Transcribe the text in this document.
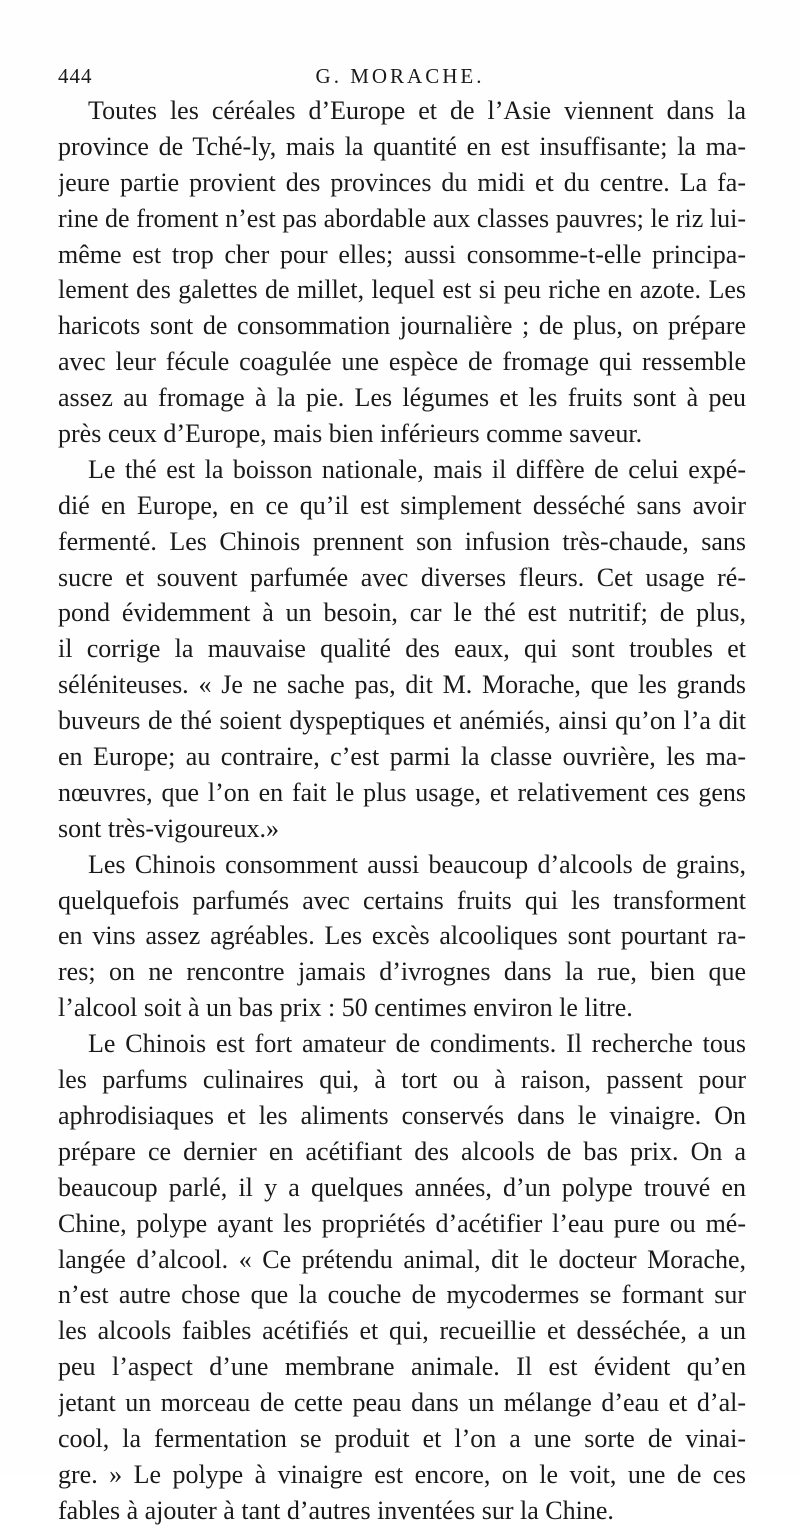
444	G. MORACHE.
Toutes les céréales d’Europe et de l’Asie viennent dans la
province de Tché-ly, mais la quantité en est insuffisante; la ma-
jeure partie provient des provinces du midi et du centre. La fa-
rine de froment n’est pas abordable aux classes pauvres; le riz lui-
même est trop cher pour elles; aussi consomme-t-elle principa-
lement des galettes de millet, lequel est si peu riche en azote. Les
haricots sont de consommation journalière ; de plus, on prépare
avec leur fécule coagulée une espèce de fromage qui ressemble
assez au fromage à la pie. Les légumes et les fruits sont à peu
près ceux d’Europe, mais bien inférieurs comme saveur.
Le thé est la boisson nationale, mais il diffère de celui expé-
dié en Europe, en ce qu’il est simplement desséché sans avoir
fermenté. Les Chinois prennent son infusion très-chaude, sans
sucre et souvent parfumée avec diverses fleurs. Cet usage ré-
pond évidemment à un besoin, car le thé est nutritif; de plus,
il corrige la mauvaise qualité des eaux, qui sont troubles et
séléniteuses. « Je ne sache pas, dit M. Morache, que les grands
buveurs de thé soient dyspeptiques et anémiés, ainsi qu’on l’a dit
en Europe; au contraire, c’est parmi la classe ouvrière, les ma-
nœuvres, que l’on en fait le plus usage, et relativement ces gens
sont très-vigoureux.»
Les Chinois consomment aussi beaucoup d’alcools de grains,
quelquefois parfumés avec certains fruits qui les transforment
en vins assez agréables. Les excès alcooliques sont pourtant ra-
res; on ne rencontre jamais d’ivrognes dans la rue, bien que
l’alcool soit à un bas prix : 50 centimes environ le litre.
Le Chinois est fort amateur de condiments. Il recherche tous
les parfums culinaires qui, à tort ou à raison, passent pour
aphrodisiaques et les aliments conservés dans le vinaigre. On
prépare ce dernier en acétifiant des alcools de bas prix. On a
beaucoup parlé, il y a quelques années, d’un polype trouvé en
Chine, polype ayant les propriétés d’acétifier l’eau pure ou mé-
langée d’alcool. « Ce prétendu animal, dit le docteur Morache,
n’est autre chose que la couche de mycodermes se formant sur
les alcools faibles acétifiés et qui, recueillie et desséchée, a un
peu l’aspect d’une membrane animale. Il est évident qu’en
jetant un morceau de cette peau dans un mélange d’eau et d’al-
cool, la fermentation se produit et l’on a une sorte de vinai-
gre. » Le polype à vinaigre est encore, on le voit, une de ces
fables à ajouter à tant d’autres inventées sur la Chine.
